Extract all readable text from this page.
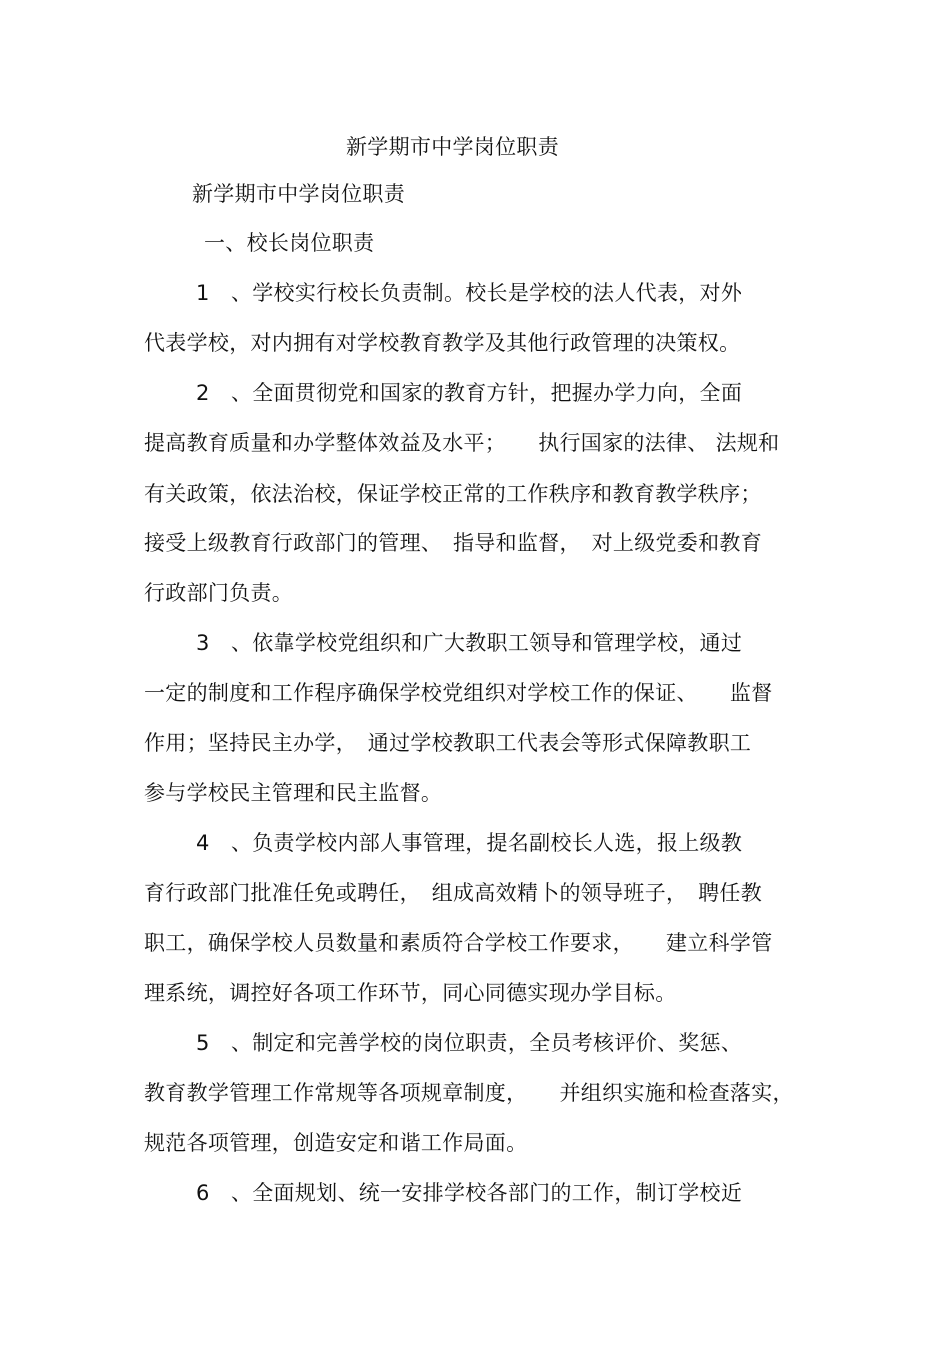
新学期市中学岗位职责
新学期市中学岗位职责
一、校长岗位职责
1　、学校实行校长负责制。校长是学校的法人代表，对外
代表学校，对内拥有对学校教育教学及其他行政管理的决策权。
2　、全面贯彻党和国家的教育方针，把握办学力向，全面
提高教育质量和办学整体效益及水平；　　执行国家的法律、 法规和
有关政策，依法治校，保证学校正常的工作秩序和教育教学秩序；
接受上级教育行政部门的管理、　指导和监督，　对上级党委和教育
行政部门负责。
3　、依靠学校党组织和广大教职工领导和管理学校，通过
一定的制度和工作程序确保学校党组织对学校工作的保证、　　监督
作用；坚持民主办学，　通过学校教职工代表会等形式保障教职工
参与学校民主管理和民主监督。
4　、负责学校内部人事管理，提名副校长人选，报上级教
育行政部门批准任免或聘任，　组成高效精卜的领导班子，　聘任教
职工，确保学校人员数量和素质符合学校工作要求，　　建立科学管
理系统，调控好各项工作环节，同心同德实现办学目标。
5　、制定和完善学校的岗位职责，全员考核评价、奖惩、
教育教学管理工作常规等各项规章制度，　　并组织实施和检查落实，
规范各项管理，创造安定和谐工作局面。
6　、全面规划、统一安排学校各部门的工作，制订学校近
